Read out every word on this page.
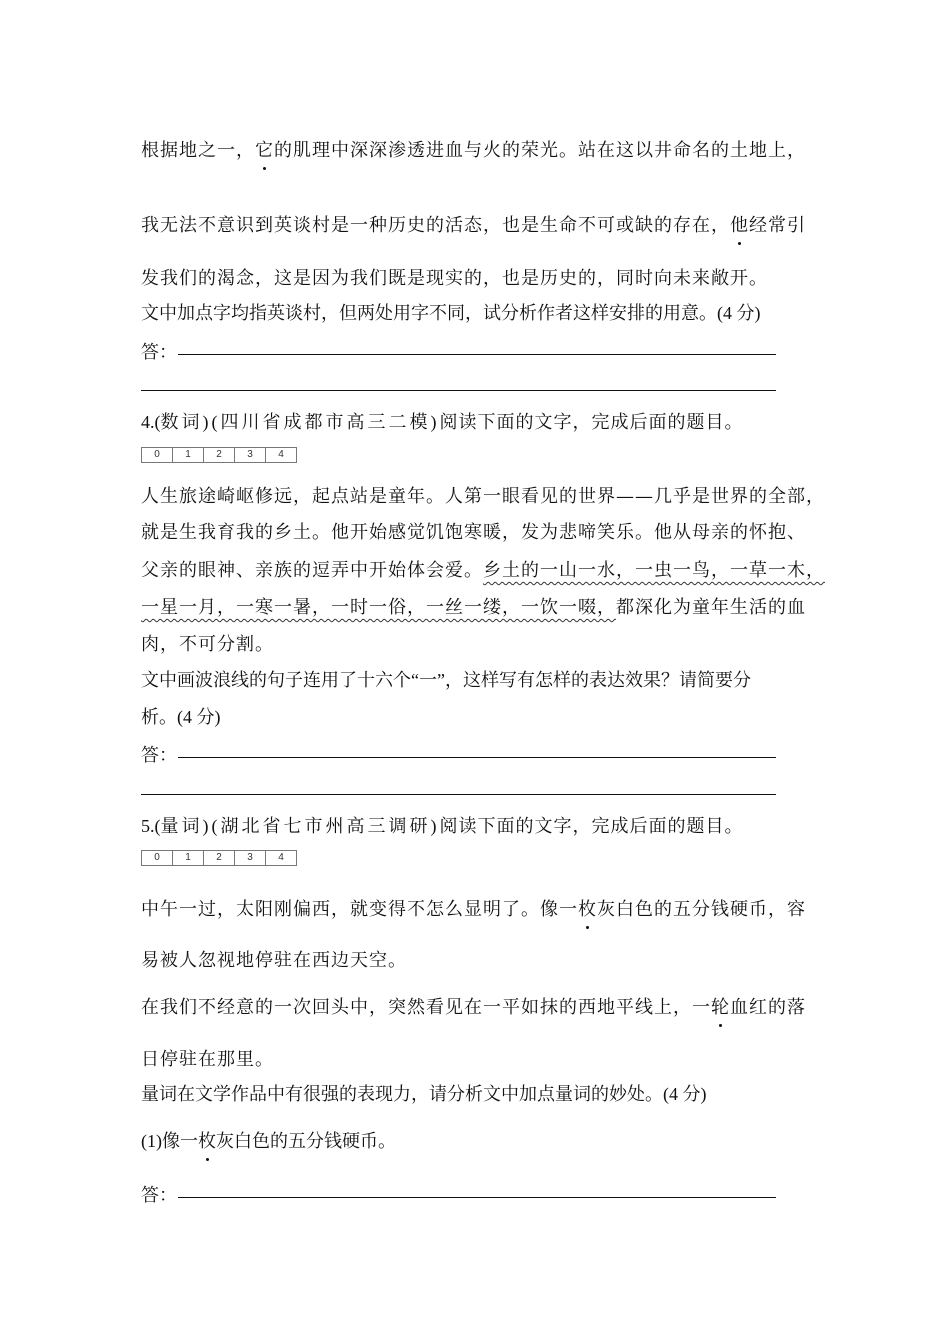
根据地之一，它的肌理中深深渗透进血与火的荣光。站在这以井命名的土地上，
我无法不意识到英谈村是一种历史的活态，也是生命不可或缺的存在，他经常引
发我们的渴念，这是因为我们既是现实的，也是历史的，同时向未来敞开。
文中加点字均指英谈村，但两处用字不同，试分析作者这样安排的用意。(4 分)
答：
4.(数词)(四川省成都市高三二模)阅读下面的文字，完成后面的题目。
0	1	2	3	4
人生旅途崎岖修远，起点站是童年。人第一眼看见的世界——几乎是世界的全部，
就是生我育我的乡土。他开始感觉饥饱寒暖，发为悲啼笑乐。他从母亲的怀抱、
父亲的眼神、亲族的逗弄中开始体会爱。乡土的一山一水，一虫一鸟，一草一木，
一星一月，一寒一暑，一时一俗，一丝一缕，一饮一啜，都深化为童年生活的血
肉，不可分割。
文中画波浪线的句子连用了十六个“一”，这样写有怎样的表达效果？请简要分
析。(4 分)
答：
5.(量词)(湖北省七市州高三调研)阅读下面的文字，完成后面的题目。
0	1	2	3	4
中午一过，太阳刚偏西，就变得不怎么显明了。像一枚灰白色的五分钱硬币，容
易被人忽视地停驻在西边天空。
在我们不经意的一次回头中，突然看见在一平如抹的西地平线上，一轮血红的落
日停驻在那里。
量词在文学作品中有很强的表现力，请分析文中加点量词的妙处。(4 分)
(1)像一枚灰白色的五分钱硬币。
答：
